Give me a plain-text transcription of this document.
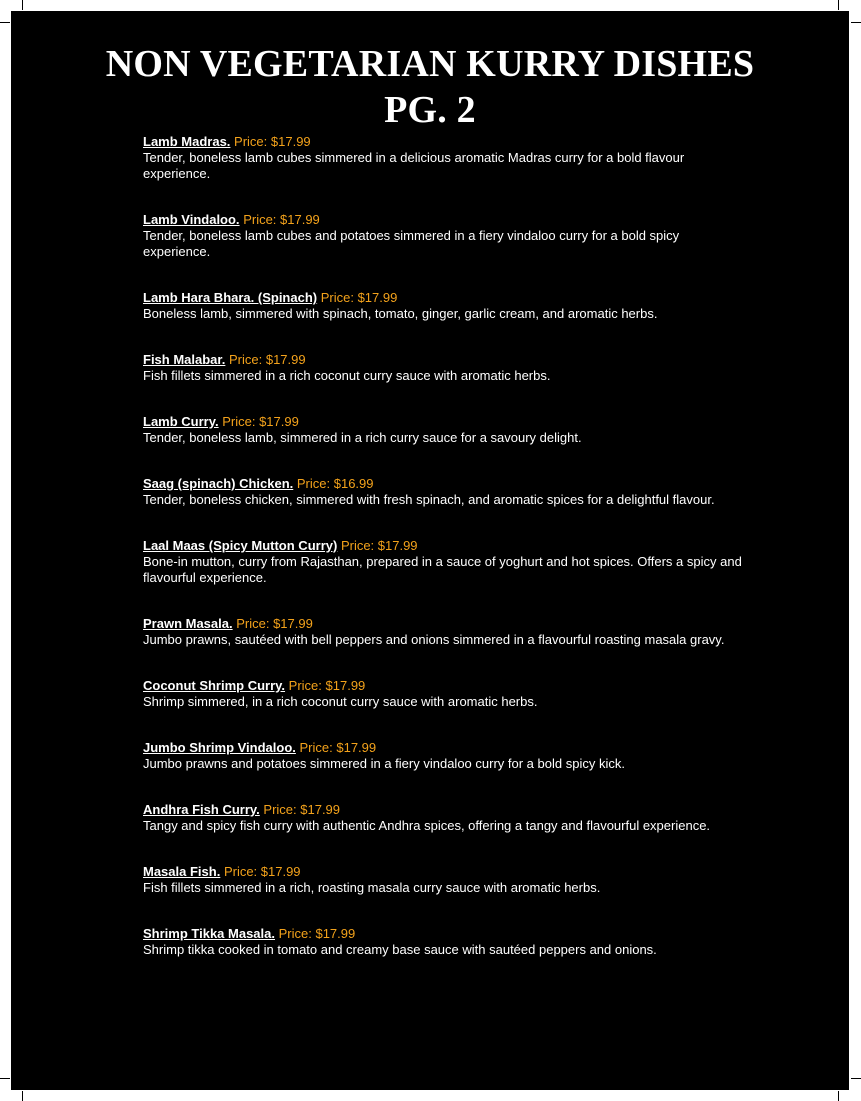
NON VEGETARIAN KURRY DISHES
PG. 2
Lamb Madras. Price: $17.99

Tender, boneless lamb cubes simmered in a delicious aromatic Madras curry for a bold flavour experience.

Lamb Vindaloo. Price: $17.99

Tender, boneless lamb cubes and potatoes simmered in a fiery vindaloo curry for a bold spicy experience.

Lamb Hara Bhara. (Spinach) Price: $17.99

Boneless lamb, simmered with spinach, tomato, ginger, garlic cream, and aromatic herbs.

Fish Malabar. Price: $17.99

Fish fillets simmered in a rich coconut curry sauce with aromatic herbs.

Lamb Curry. Price: $17.99

Tender, boneless lamb, simmered in a rich curry sauce for a savoury delight.

Saag (spinach) Chicken. Price: $16.99

Tender, boneless chicken, simmered with fresh spinach, and aromatic spices for a delightful flavour.

Laal Maas (Spicy Mutton Curry) Price: $17.99

Bone-in mutton, curry from Rajasthan, prepared in a sauce of yoghurt and hot spices. Offers a spicy and flavourful experience.

Prawn Masala. Price: $17.99

Jumbo prawns, sautéed with bell peppers and onions simmered in a flavourful roasting masala gravy.

Coconut Shrimp Curry. Price: $17.99

Shrimp simmered, in a rich coconut curry sauce with aromatic herbs.

Jumbo Shrimp Vindaloo. Price: $17.99

Jumbo prawns and potatoes simmered in a fiery vindaloo curry for a bold spicy kick.

Andhra Fish Curry. Price: $17.99

Tangy and spicy fish curry with authentic Andhra spices, offering a tangy and flavourful experience.

Masala Fish. Price: $17.99

Fish fillets simmered in a rich, roasting masala curry sauce with aromatic herbs.

Shrimp Tikka Masala. Price: $17.99

Shrimp tikka cooked in tomato and creamy base sauce with sautéed peppers and onions.
